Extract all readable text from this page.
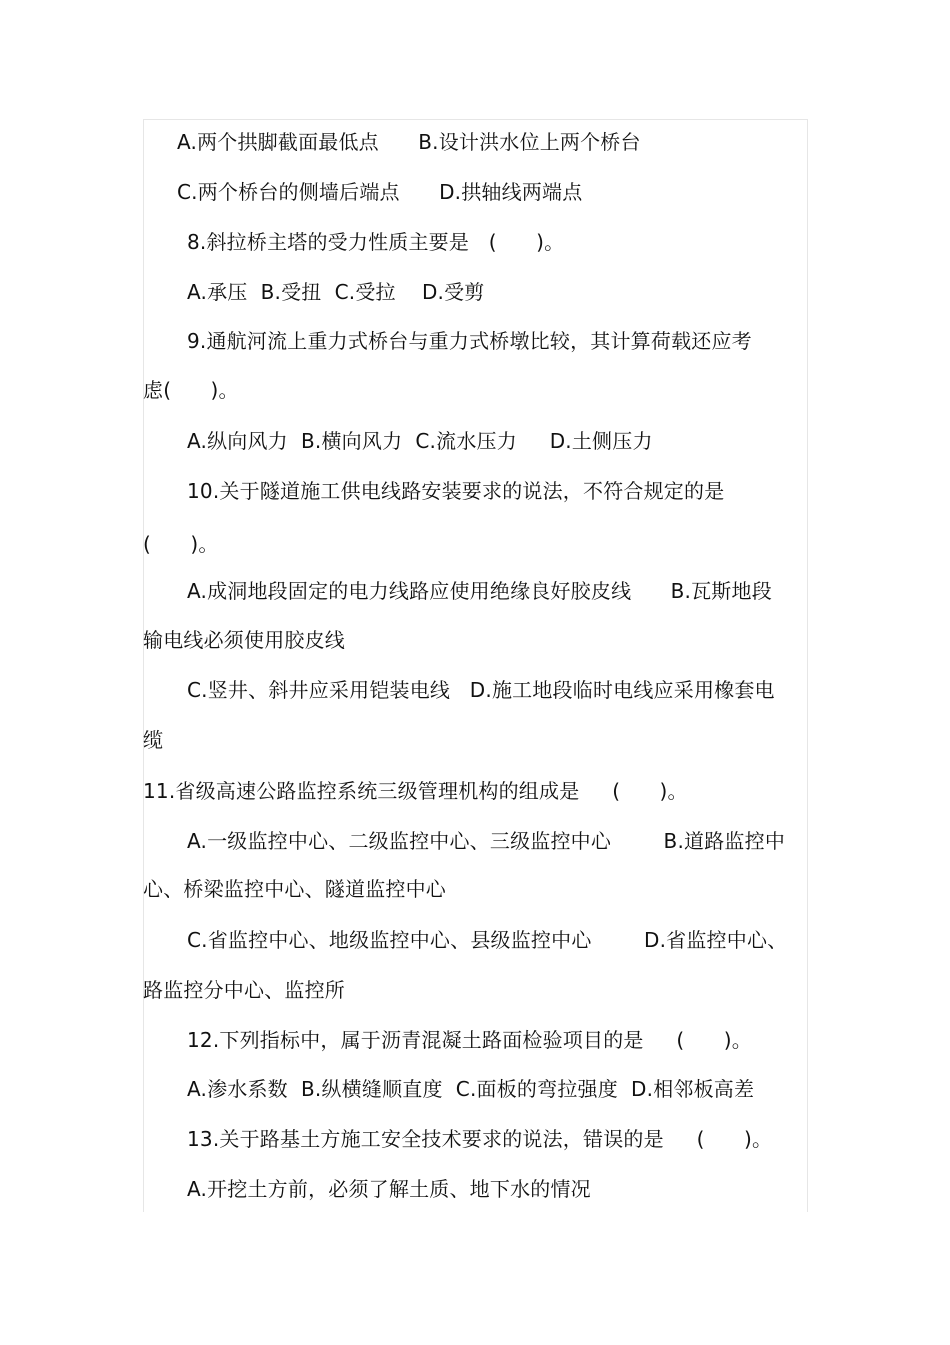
A.两个拱脚截面最低点      B.设计洪水位上两个桥台
C.两个桥台的侧墙后端点      D.拱轴线两端点
8.斜拉桥主塔的受力性质主要是   (      )。
A.承压  B.受扭  C.受拉    D.受剪
9.通航河流上重力式桥台与重力式桥墩比较，其计算荷载还应考
虑(      )。
A.纵向风力  B.横向风力  C.流水压力     D.土侧压力
10.关于隧道施工供电线路安装要求的说法，不符合规定的是
(      )。
A.成洞地段固定的电力线路应使用绝缘良好胶皮线      B.瓦斯地段
输电线必须使用胶皮线
C.竖井、斜井应采用铠装电线   D.施工地段临时电线应采用橡套电
缆
11.省级高速公路监控系统三级管理机构的组成是     (      )。
A.一级监控中心、二级监控中心、三级监控中心        B.道路监控中
心、桥梁监控中心、隧道监控中心
C.省监控中心、地级监控中心、县级监控中心        D.省监控中心、
路监控分中心、监控所
12.下列指标中，属于沥青混凝土路面检验项目的是     (      )。
A.渗水系数  B.纵横缝顺直度  C.面板的弯拉强度  D.相邻板高差
13.关于路基土方施工安全技术要求的说法，错误的是     (      )。
A.开挖土方前，必须了解土质、地下水的情况
